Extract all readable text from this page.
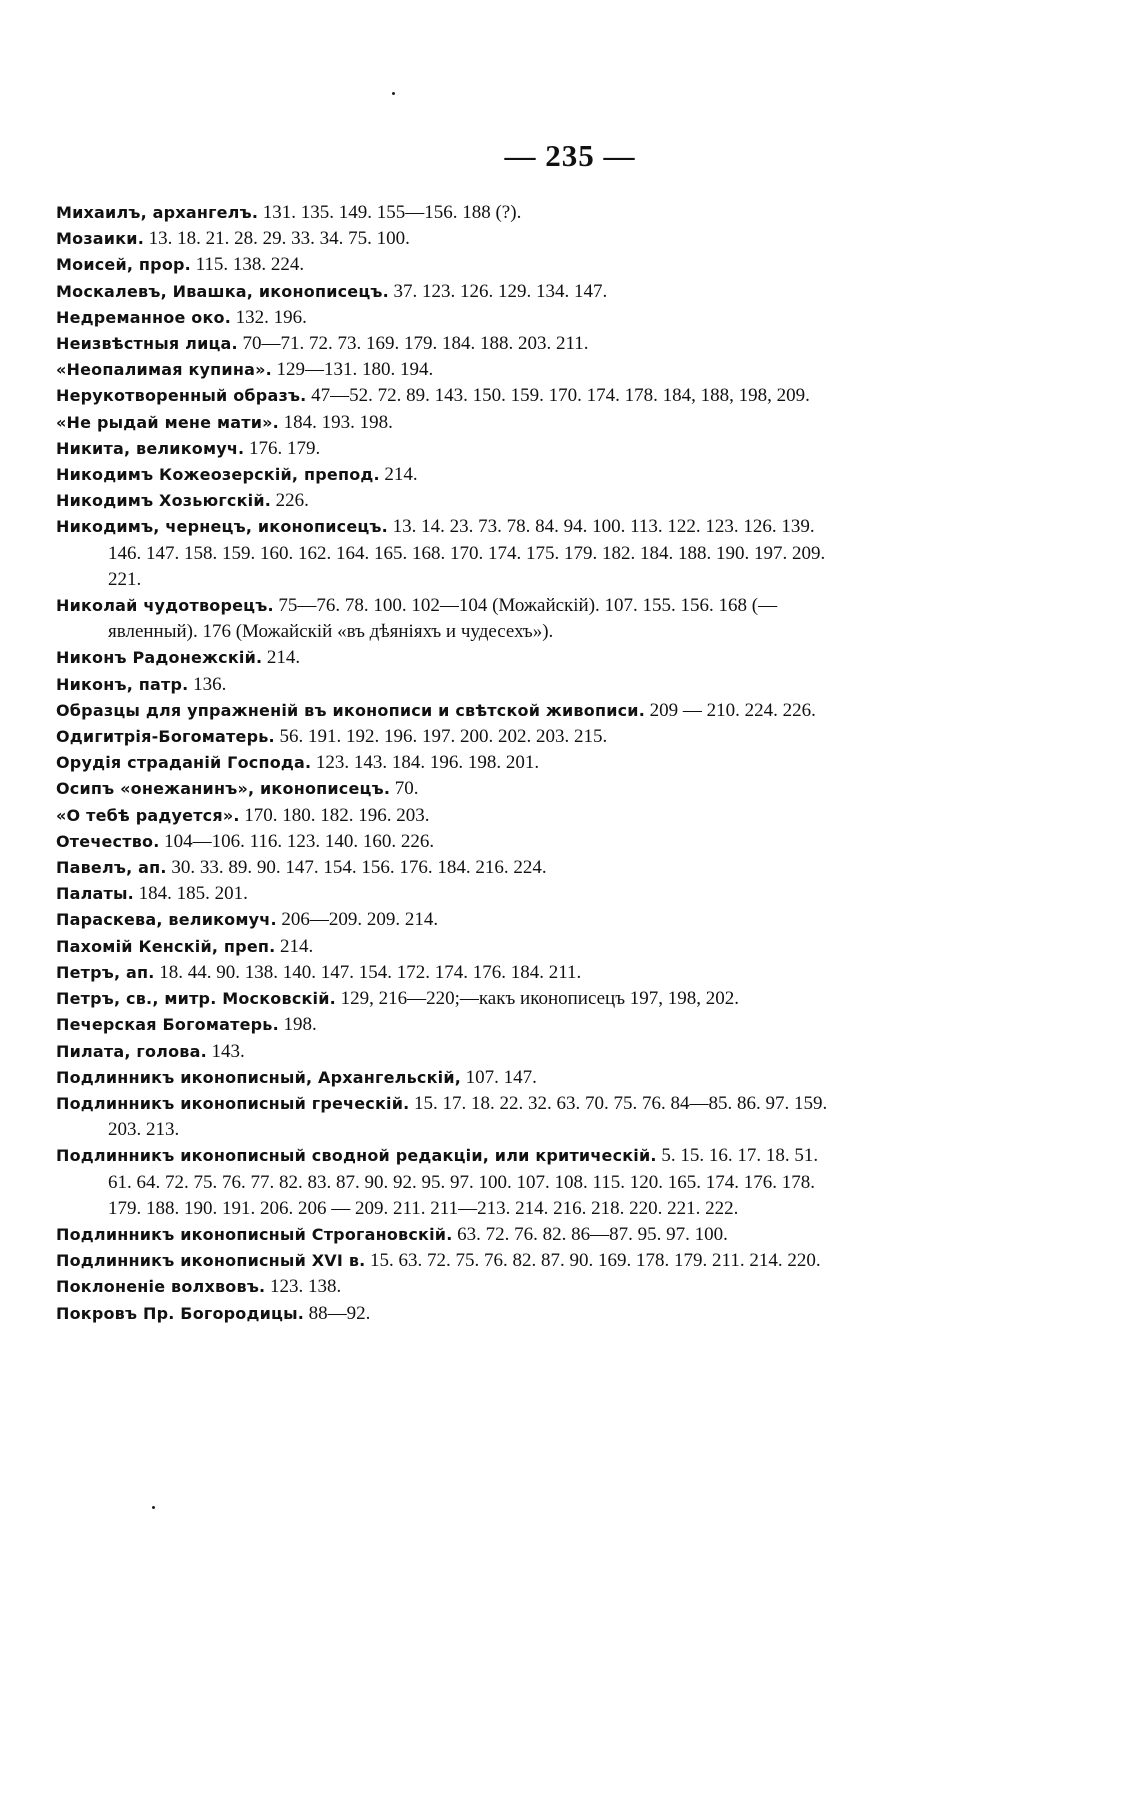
— 235 —
Михаилъ, архангелъ. 131. 135. 149. 155—156. 188 (?).
Мозаики. 13. 18. 21. 28. 29. 33. 34. 75. 100.
Моисей, прор. 115. 138. 224.
Москалевъ, Ивашка, иконописецъ. 37. 123. 126. 129. 134. 147.
Недреманное око. 132. 196.
Неизвѣстныя лица. 70—71. 72. 73. 169. 179. 184. 188. 203. 211.
«Неопалимая купина». 129—131. 180. 194.
Нерукотворенный образъ. 47—52. 72. 89. 143. 150. 159. 170. 174. 178. 184, 188, 198, 209.
«Не рыдай мене мати». 184. 193. 198.
Никита, великомуч. 176. 179.
Никодимъ Кожеозерскій, препод. 214.
Никодимъ Хозьюгскій. 226.
Никодимъ, чернецъ, иконописецъ. 13. 14. 23. 73. 78. 84. 94. 100. 113. 122. 123. 126. 139. 146. 147. 158. 159. 160. 162. 164. 165. 168. 170. 174. 175. 179. 182. 184. 188. 190. 197. 209. 221.
Николай чудотворецъ. 75—76. 78. 100. 102—104 (Можайскій). 107. 155. 156. 168 (—явленный). 176 (Можайскій «въ дѣяніяхъ и чудесехъ»).
Никонъ Радонежскій. 214.
Никонъ, патр. 136.
Образцы для упражненій въ иконописи и свѣтской живописи. 209 — 210. 224. 226.
Одигитрія-Богоматерь. 56. 191. 192. 196. 197. 200. 202. 203. 215.
Орудія страданій Господа. 123. 143. 184. 196. 198. 201.
Осипъ «онежанинъ», иконописецъ. 70.
«О тебѣ радуется». 170. 180. 182. 196. 203.
Отечество. 104—106. 116. 123. 140. 160. 226.
Павелъ, ап. 30. 33. 89. 90. 147. 154. 156. 176. 184. 216. 224.
Палаты. 184. 185. 201.
Параскева, великомуч. 206—209. 209. 214.
Пахомій Кенскій, преп. 214.
Петръ, ап. 18. 44. 90. 138. 140. 147. 154. 172. 174. 176. 184. 211.
Петръ, св., митр. Московскій. 129, 216—220;—какъ иконописецъ 197, 198, 202.
Печерская Богоматерь. 198.
Пилата, голова. 143.
Подлинникъ иконописный, Архангельскій, 107. 147.
Подлинникъ иконописный греческій. 15. 17. 18. 22. 32. 63. 70. 75. 76. 84—85. 86. 97. 159. 203. 213.
Подлинникъ иконописный сводной редакціи, или критическій. 5. 15. 16. 17. 18. 51. 61. 64. 72. 75. 76. 77. 82. 83. 87. 90. 92. 95. 97. 100. 107. 108. 115. 120. 165. 174. 176. 178. 179. 188. 190. 191. 206. 206 — 209. 211. 211—213. 214. 216. 218. 220. 221. 222.
Подлинникъ иконописный Строгановскій. 63. 72. 76. 82. 86—87. 95. 97. 100.
Подлинникъ иконописный XVI в. 15. 63. 72. 75. 76. 82. 87. 90. 169. 178. 179. 211. 214. 220.
Поклоненіе волхвовъ. 123. 138.
Покровъ Пр. Богородицы. 88—92.
